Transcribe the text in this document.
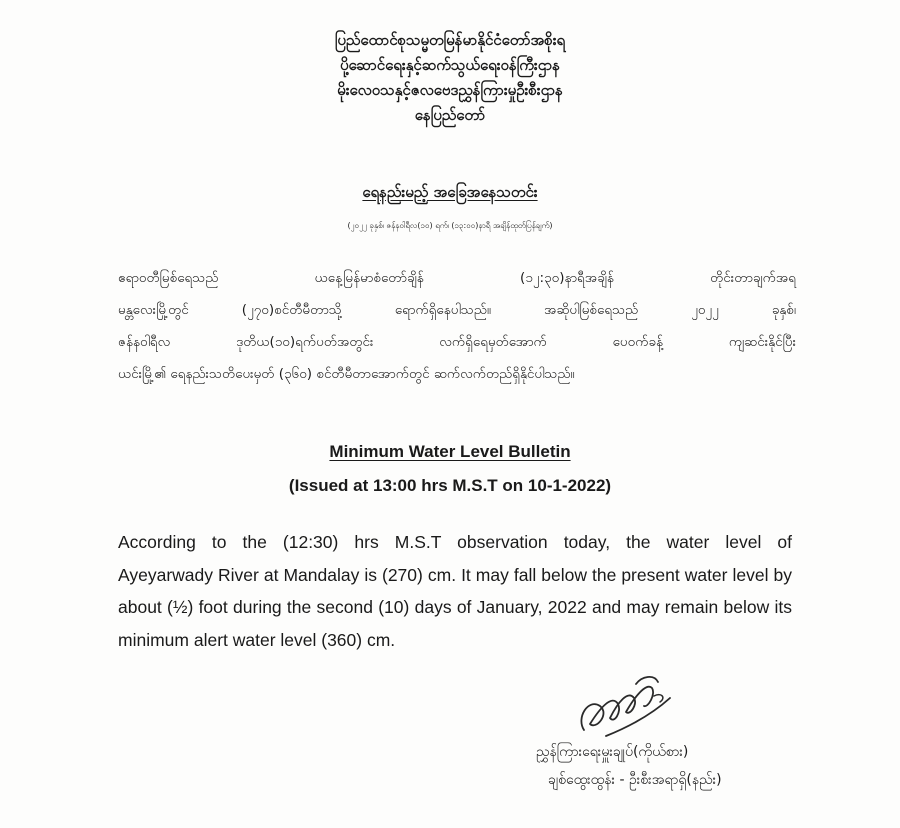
ပြည်ထောင်စုသမ္မတမြန်မာနိုင်ငံတော်အစိုးရ
ပို့ဆောင်ရေးနှင့်ဆက်သွယ်ရေးဝန်ကြီးဌာန
မိုးလေဝသနှင့်ဇလဗေဒညွှန်ကြားမှုဦးစီးဌာန
နေပြည်တော်
ရေနည်းမည့် အခြေအနေသတင်း
(၂၀၂၂ ခုနှစ်၊ ဇန်နဝါရီလ(၁၀) ရက်၊ (၁၃:၀၀)နာရီ အချိန်ထုတ်ပြန်ချက်)

ဧရာဝတီမြစ်ရေသည် ယနေ့မြန်မာစံတော်ချိန် (၁၂:၃၀)နာရီအချိန် တိုင်းတာချက်အရ

မန္တလေးမြို့တွင် (၂၇၀)စင်တီမီတာသို့ ရောက်ရှိနေပါသည်။ အဆိုပါမြစ်ရေသည် ၂၀၂၂ ခုနှစ်၊

ဇန်နဝါရီလ ဒုတိယ(၁၀)ရက်ပတ်အတွင်း လက်ရှိရေမှတ်အောက် ပေ၀က်ခန့် ကျဆင်းနိုင်ပြီး

ယင်းမြို့၏ ရေနည်းသတိပေးမှတ် (၃၆၀) စင်တီမီတာအောက်တွင် ဆက်လက်တည်ရှိနိုင်ပါသည်။

Minimum Water Level Bulletin
(Issued at 13:00 hrs M.S.T on 10-1-2022)

According to the (12:30) hrs M.S.T observation today, the water level of

Ayeyarwady River at Mandalay is (270) cm. It may fall below the present water level by

about (½) foot during the second (10) days of January, 2022 and may remain below its

minimum alert water level (360) cm.

ညွှန်ကြားရေးမှူးချုပ်(ကိုယ်စား)
ချစ်ထွေးထွန်း - ဦးစီးအရာရှိ(နည်း)
